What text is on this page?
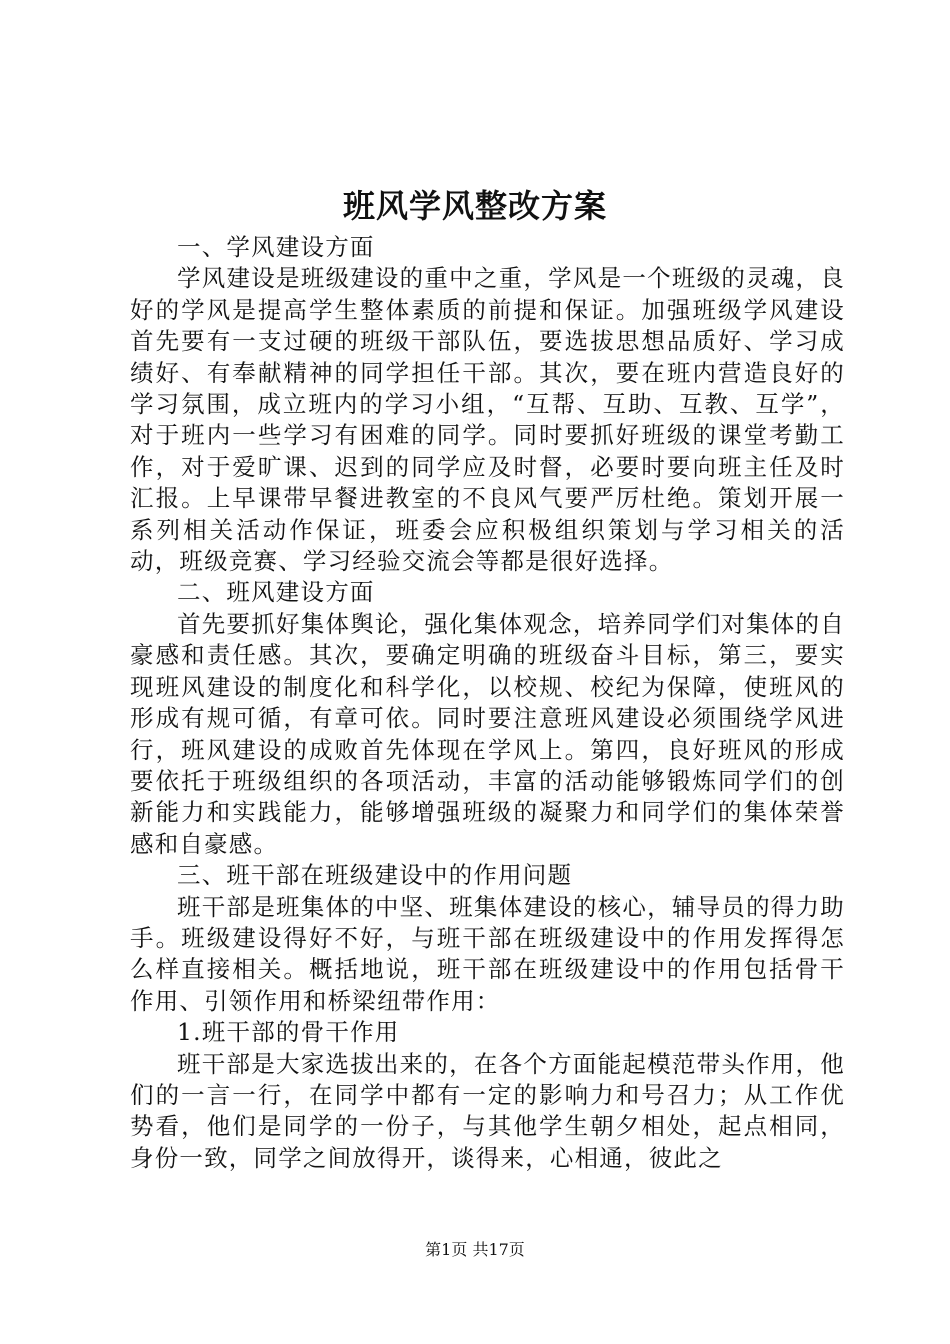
班风学风整改方案

一、学风建设方面

学风建设是班级建设的重中之重，学风是一个班级的灵魂，良好的学风是提高学生整体素质的前提和保证。加强班级学风建设首先要有一支过硬的班级干部队伍，要选拔思想品质好、学习成绩好、有奉献精神的同学担任干部。其次，要在班内营造良好的学习氛围，成立班内的学习小组，“互帮、互助、互教、互学”，对于班内一些学习有困难的同学。同时要抓好班级的课堂考勤工作，对于爱旷课、迟到的同学应及时督，必要时要向班主任及时汇报。上早课带早餐进教室的不良风气要严厉杜绝。策划开展一系列相关活动作保证，班委会应积极组织策划与学习相关的活动，班级竞赛、学习经验交流会等都是很好选择。

二、班风建设方面

首先要抓好集体舆论，强化集体观念，培养同学们对集体的自豪感和责任感。其次，要确定明确的班级奋斗目标，第三，要实现班风建设的制度化和科学化，以校规、校纪为保障，使班风的形成有规可循，有章可依。同时要注意班风建设必须围绕学风进行，班风建设的成败首先体现在学风上。第四，良好班风的形成要依托于班级组织的各项活动，丰富的活动能够锻炼同学们的创新能力和实践能力，能够增强班级的凝聚力和同学们的集体荣誉感和自豪感。

三、班干部在班级建设中的作用问题

班干部是班集体的中坚、班集体建设的核心，辅导员的得力助手。班级建设得好不好，与班干部在班级建设中的作用发挥得怎么样直接相关。概括地说，班干部在班级建设中的作用包括骨干作用、引领作用和桥梁纽带作用：

1.班干部的骨干作用

班干部是大家选拔出来的，在各个方面能起模范带头作用，他们的一言一行，在同学中都有一定的影响力和号召力；从工作优势看，他们是同学的一份子，与其他学生朝夕相处，起点相同，身份一致，同学之间放得开，谈得来，心相通，彼此之

第1页 共17页
